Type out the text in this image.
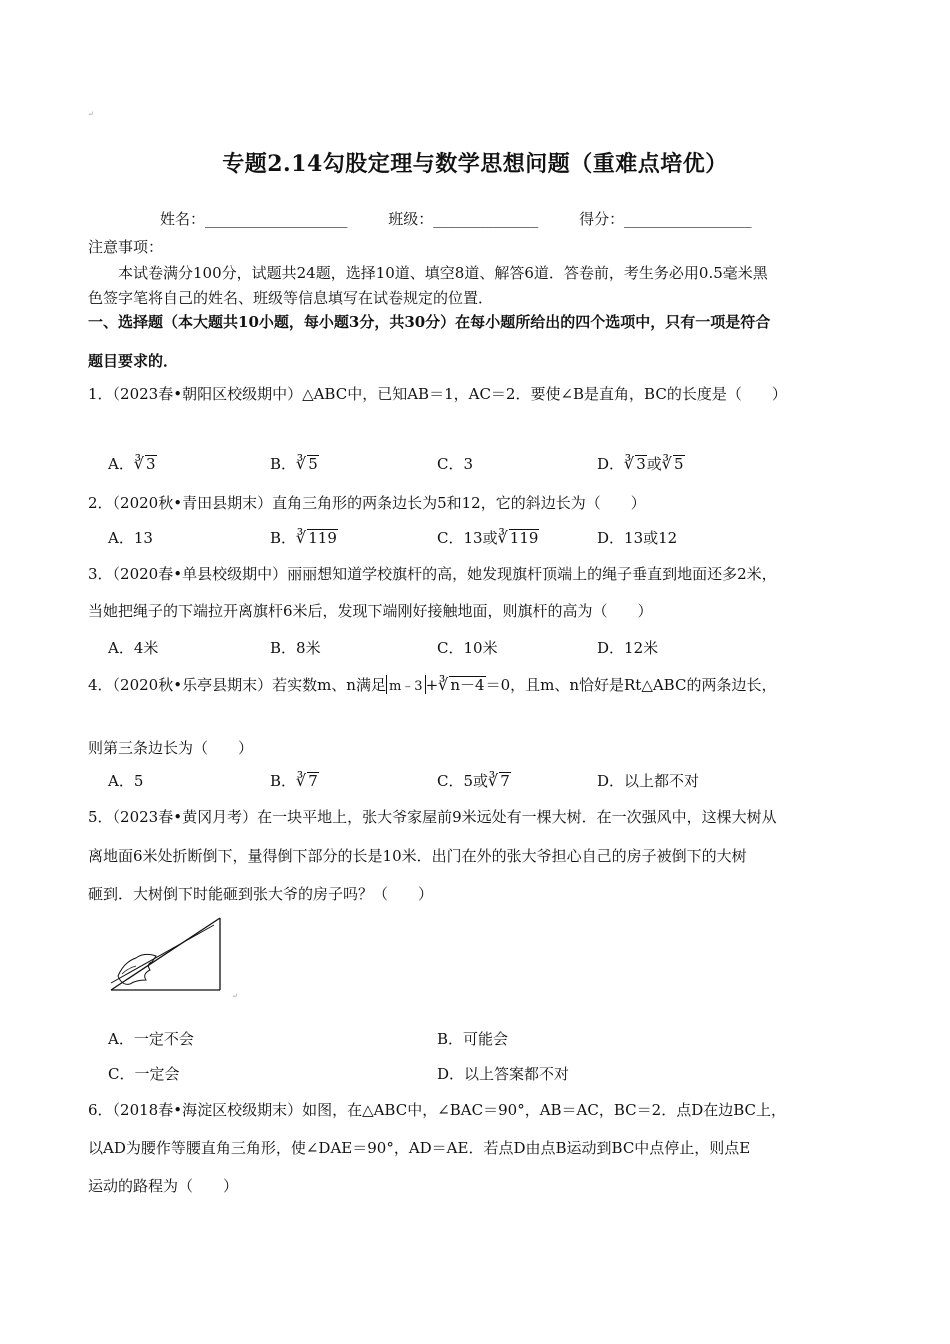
↵
专题2.14勾股定理与数学思想问题（重难点培优）
姓名：___________________	班级：______________	得分：_________________
注意事项：
本试卷满分100分，试题共24题，选择10道、填空8道、解答6道．答卷前，考生务必用0.5毫米黑
色签字笔将自己的姓名、班级等信息填写在试卷规定的位置．
一、选择题（本大题共10小题，每小题3分，共30分）在每小题所给出的四个选项中，只有一项是符合
题目要求的．
1．（2023春•朝阳区校级期中）△ABC中，已知AB＝1，AC＝2．要使∠B是直角，BC的长度是（　　）
A．∛ 3	B．∛ 5	C．3	D．∛ 3或∛ 5
2．（2020秋•青田县期末）直角三角形的两条边长为5和12，它的斜边长为（　　）
A．13	B．∛ 119	C．13或∛ 119	D．13或12
3．（2020春•单县校级期中）丽丽想知道学校旗杆的高，她发现旗杆顶端上的绳子垂直到地面还多2米，
当她把绳子的下端拉开离旗杆6米后，发现下端刚好接触地面，则旗杆的高为（　　）
A．4米	B．8米	C．10米	D．12米
4．（2020秋•乐亭县期末）若实数m、n满足 m﹣3 +∛ n－4＝0，且m、n恰好是Rt△ABC的两条边长，
则第三条边长为（　　）
A．5	B．∛ 7	C．5或∛ 7	D．以上都不对
5．（2023春•黄冈月考）在一块平地上，张大爷家屋前9米远处有一棵大树．在一次强风中，这棵大树从
离地面6米处折断倒下，量得倒下部分的长是10米．出门在外的张大爷担心自己的房子被倒下的大树
砸到．大树倒下时能砸到张大爷的房子吗？（　　）
↵
A．一定不会	B．可能会
C．一定会	D．以上答案都不对
6．（2018春•海淀区校级期末）如图，在△ABC中，∠BAC＝90°，AB＝AC，BC＝2．点D在边BC上，
以AD为腰作等腰直角三角形，使∠DAE＝90°，AD＝AE．若点D由点B运动到BC中点停止，则点E
运动的路程为（　　）
